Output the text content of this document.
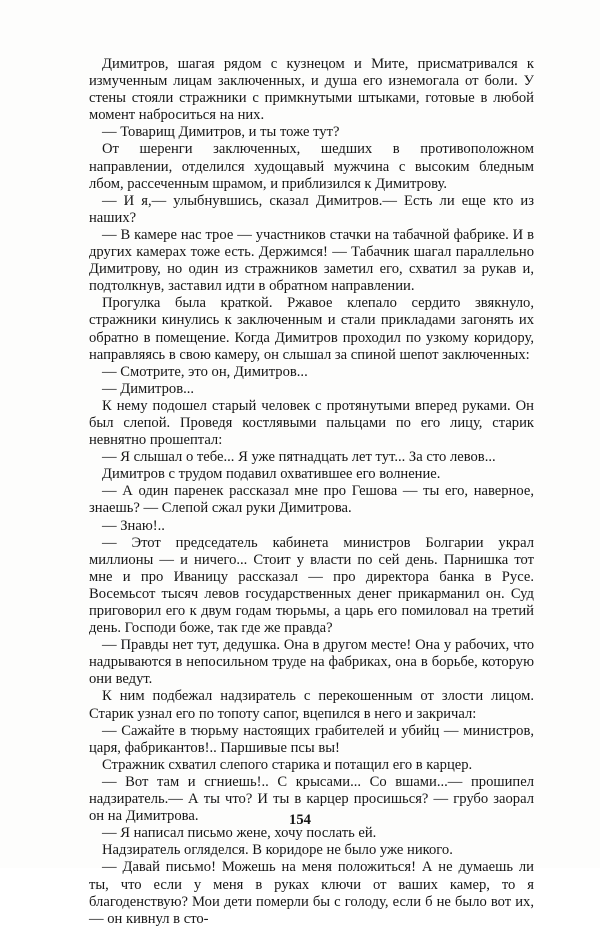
Димитров, шагая рядом с кузнецом и Мите, присматривался к измученным лицам заключенных, и душа его изнемогала от боли. У стены стояли стражники с примкнутыми штыками, готовые в любой момент наброситься на них.

— Товарищ Димитров, и ты тоже тут?

От шеренги заключенных, шедших в противоположном направлении, отделился худощавый мужчина с высоким бледным лбом, рассеченным шрамом, и приблизился к Димитрову.

— И я,— улыбнувшись, сказал Димитров.— Есть ли еще кто из наших?

— В камере нас трое — участников стачки на табачной фабрике. И в других камерах тоже есть. Держимся! — Табачник шагал параллельно Димитрову, но один из стражников заметил его, схватил за рукав и, подтолкнув, заставил идти в обратном направлении.

Прогулка была краткой. Ржавое клепало сердито звякнуло, стражники кинулись к заключенным и стали прикладами загонять их обратно в помещение. Когда Димитров проходил по узкому коридору, направляясь в свою камеру, он слышал за спиной шепот заключенных:

— Смотрите, это он, Димитров...

— Димитров...

К нему подошел старый человек с протянутыми вперед руками. Он был слепой. Проведя костлявыми пальцами по его лицу, старик невнятно прошептал:

— Я слышал о тебе... Я уже пятнадцать лет тут... За сто левов...

Димитров с трудом подавил охватившее его волнение.

— А один паренек рассказал мне про Гешова — ты его, наверное, знаешь? — Слепой сжал руки Димитрова.

— Знаю!..

— Этот председатель кабинета министров Болгарии украл миллионы — и ничего... Стоит у власти по сей день. Парнишка тот мне и про Иваницу рассказал — про директора банка в Русе. Восемьсот тысяч левов государственных денег прикарманил он. Суд приговорил его к двум годам тюрьмы, а царь его помиловал на третий день. Господи боже, так где же правда?

— Правды нет тут, дедушка. Она в другом месте! Она у рабочих, что надрываются в непосильном труде на фабриках, она в борьбе, которую они ведут.

К ним подбежал надзиратель с перекошенным от злости лицом. Старик узнал его по топоту сапог, вцепился в него и закричал:

— Сажайте в тюрьму настоящих грабителей и убийц — министров, царя, фабрикантов!.. Паршивые псы вы!

Стражник схватил слепого старика и потащил его в карцер.

— Вот там и сгниешь!.. С крысами... Со вшами...— прошипел надзиратель.— А ты что? И ты в карцер просишься? — грубо заорал он на Димитрова.

— Я написал письмо жене, хочу послать ей.

Надзиратель огляделся. В коридоре не было уже никого.

— Давай письмо! Можешь на меня положиться! А не думаешь ли ты, что если у меня в руках ключи от ваших камер, то я благоденствую? Мои дети померли бы с голоду, если б не было вот их,— он кивнул в сто-

154
